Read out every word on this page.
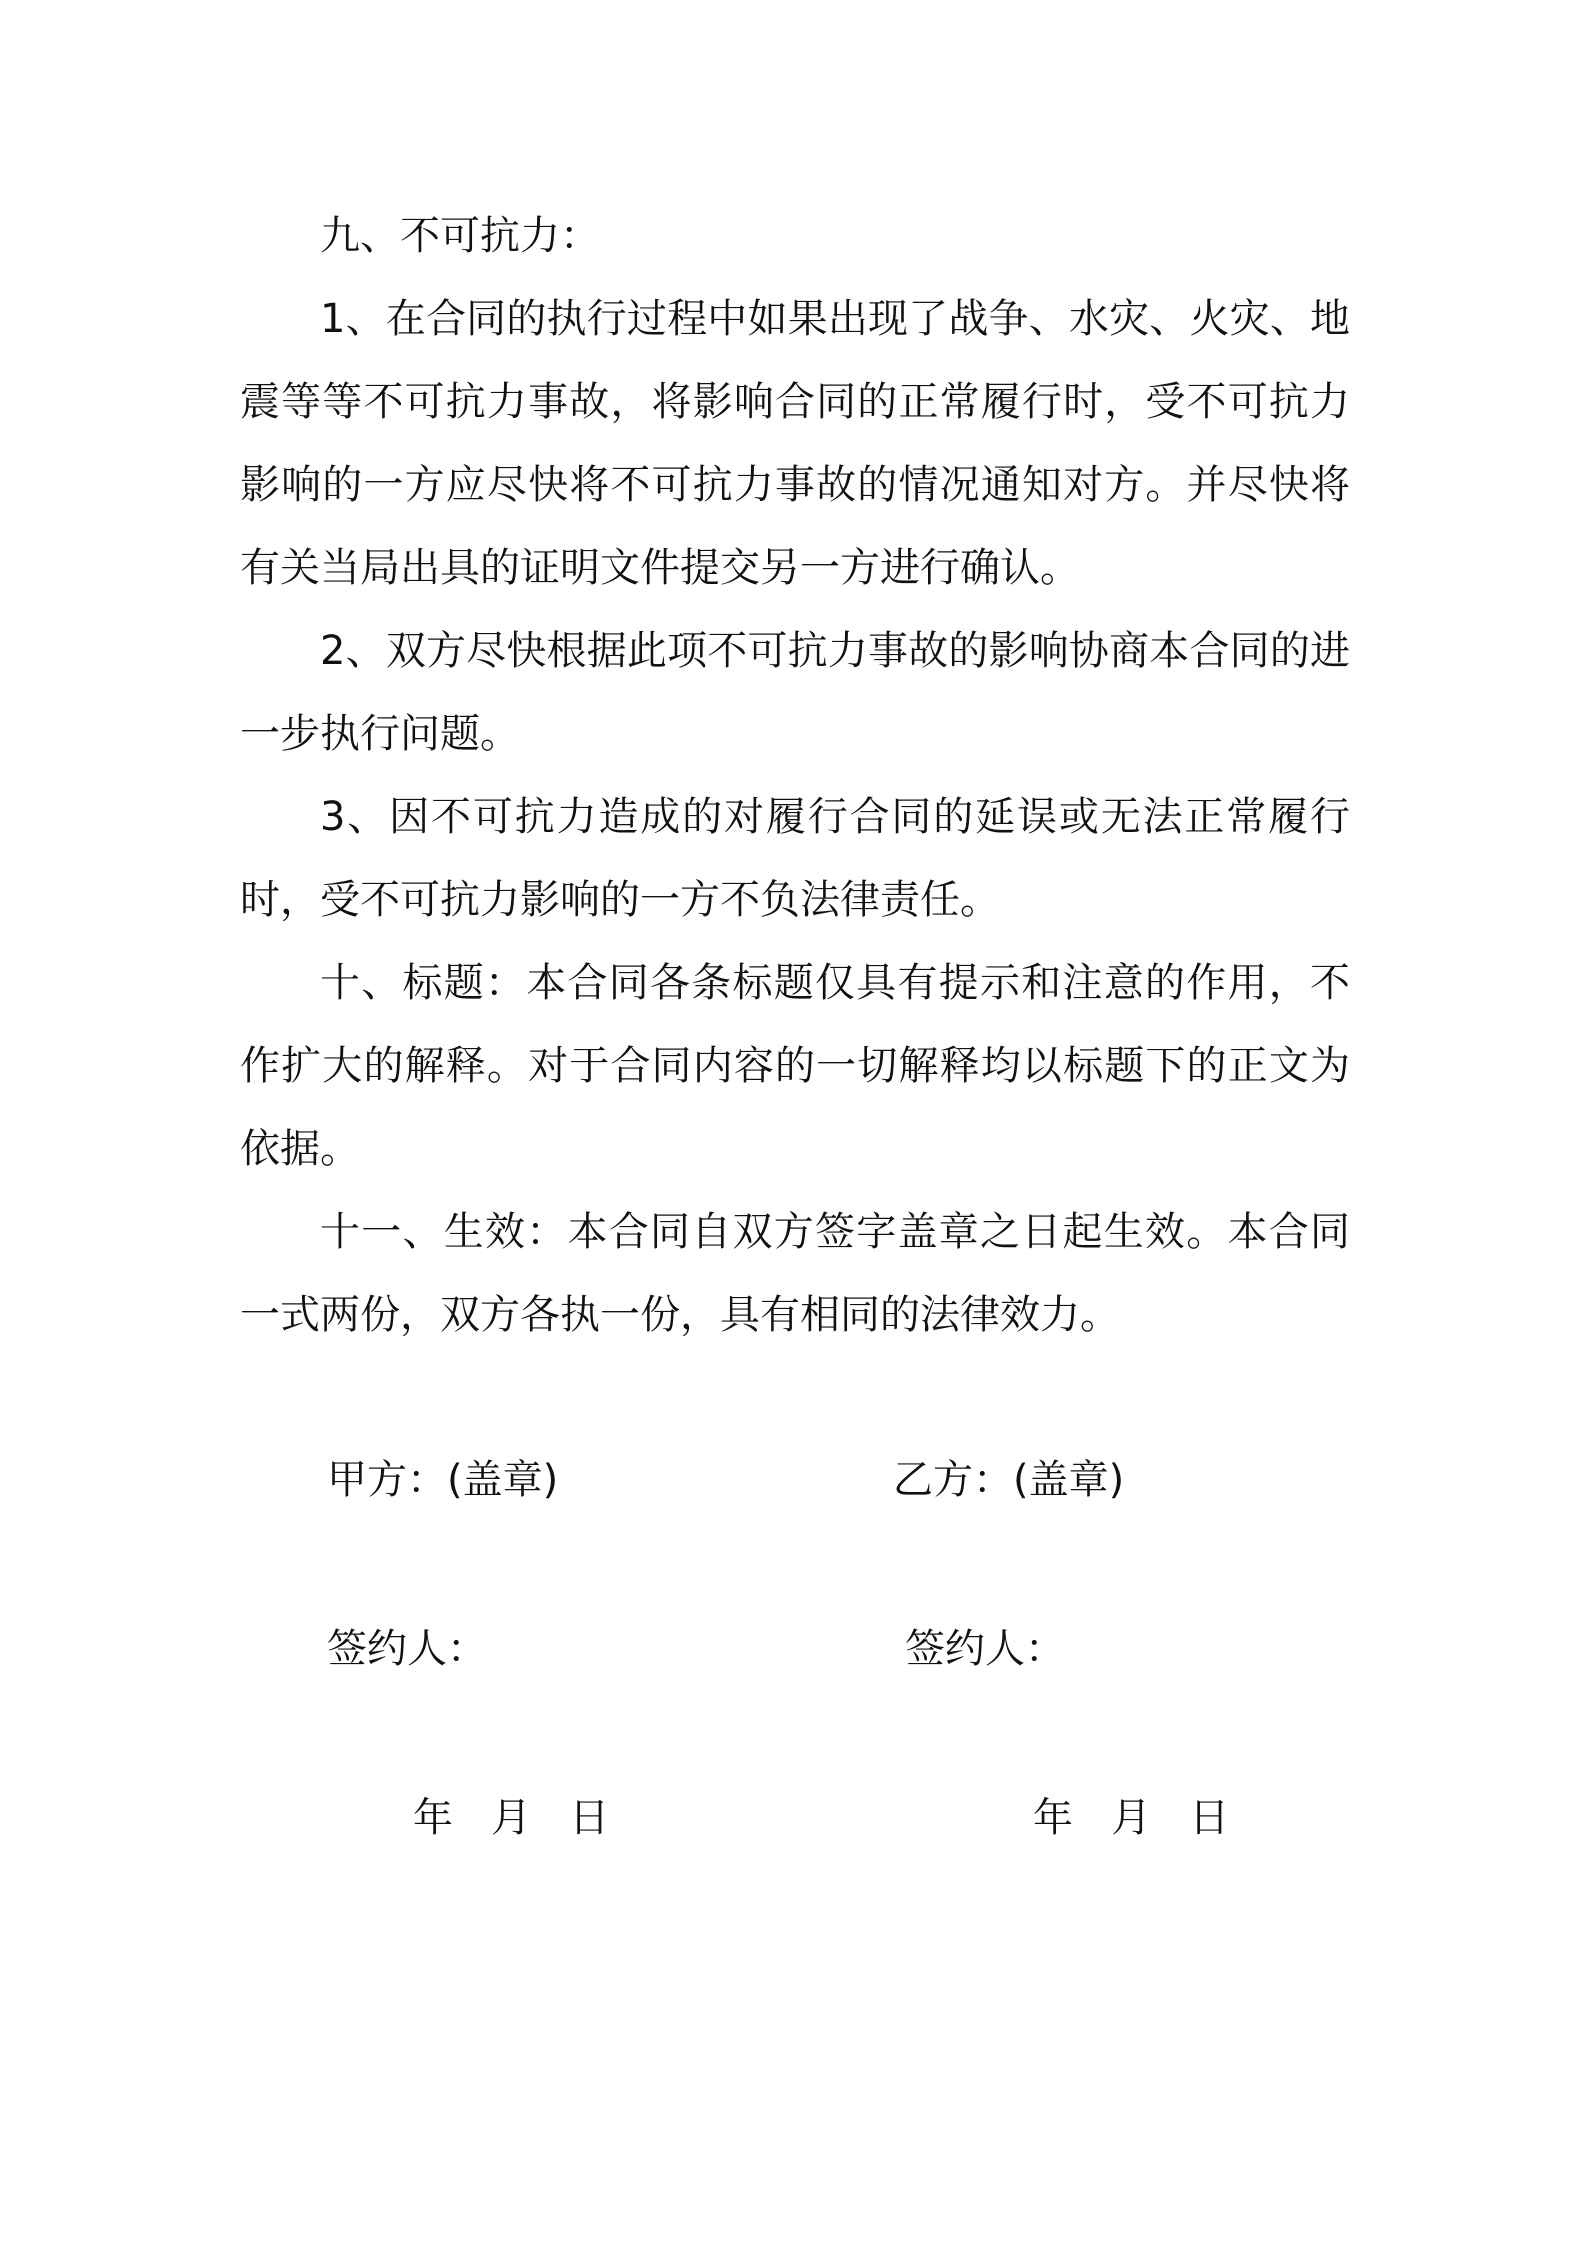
九、不可抗力：

1、在合同的执行过程中如果出现了战争、水灾、火灾、地震等等不可抗力事故，将影响合同的正常履行时，受不可抗力影响的一方应尽快将不可抗力事故的情况通知对方。并尽快将有关当局出具的证明文件提交另一方进行确认。

2、双方尽快根据此项不可抗力事故的影响协商本合同的进一步执行问题。

3、因不可抗力造成的对履行合同的延误或无法正常履行时，受不可抗力影响的一方不负法律责任。

十、标题：本合同各条标题仅具有提示和注意的作用，不作扩大的解释。对于合同内容的一切解释均以标题下的正文为依据。

十一、生效：本合同自双方签字盖章之日起生效。本合同一式两份，双方各执一份，具有相同的法律效力。

甲方：(盖章)	乙方：(盖章)
签约人：	签约人：
年   月   日	年   月   日
